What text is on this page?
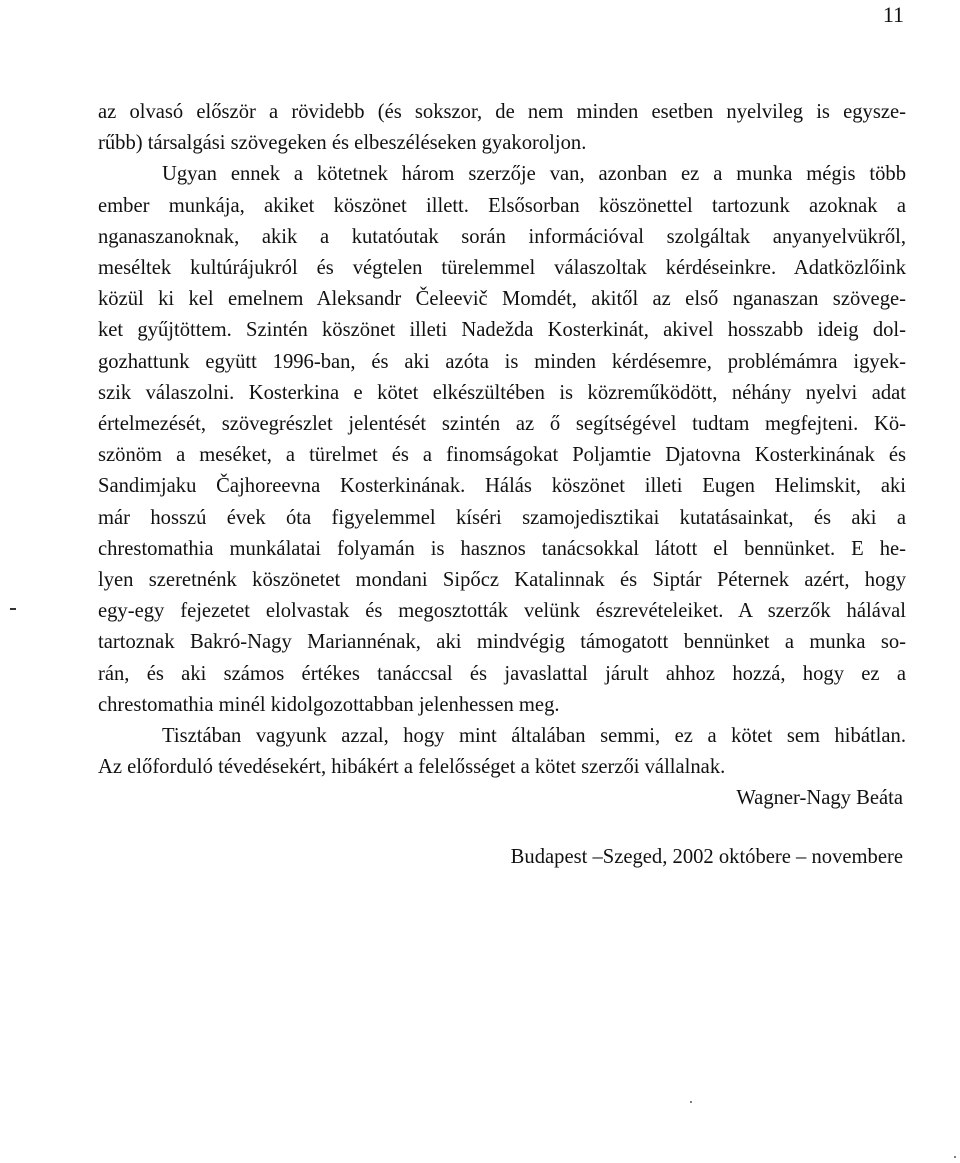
11
az olvasó először a rövidebb (és sokszor, de nem minden esetben nyelvileg is egysze-
rűbb) társalgási szövegeken és elbeszéléseken gyakoroljon.
Ugyan ennek a kötetnek három szerzője van, azonban ez a munka mégis több
ember munkája, akiket köszönet illett. Elsősorban köszönettel tartozunk azoknak a
nganaszanoknak, akik a kutatóutak során információval szolgáltak anyanyelvükről,
meséltek kultúrájukról és végtelen türelemmel válaszoltak kérdéseinkre. Adatközlőink
közül ki kel emelnem Aleksandr Čeleevič Momdét, akitől az első nganaszan szövege-
ket gyűjtöttem. Szintén köszönet illeti Nadežda Kosterkinát, akivel hosszabb ideig dol-
gozhattunk együtt 1996-ban, és aki azóta is minden kérdésemre, problémámra igyek-
szik válaszolni. Kosterkina e kötet elkészültében is közreműködött, néhány nyelvi adat
értelmezését, szövegrészlet jelentését szintén az ő segítségével tudtam megfejteni. Kö-
szönöm a meséket, a türelmet és a finomságokat Poljamtie Djatovna Kosterkinának és
Sandimjaku Čajhoreevna Kosterkinának. Hálás köszönet illeti Eugen Helimskit, aki
már hosszú évek óta figyelemmel kíséri szamojedisztikai kutatásainkat, és aki a
chrestomathia munkálatai folyamán is hasznos tanácsokkal látott el bennünket. E he-
lyen szeretnénk köszönetet mondani Sipőcz Katalinnak és Siptár Péternek azért, hogy
egy-egy fejezetet elolvastak és megosztották velünk észrevételeiket. A szerzők hálával
tartoznak Bakró-Nagy Mariannénak, aki mindvégig támogatott bennünket a munka so-
rán, és aki számos értékes tanáccsal és javaslattal járult ahhoz hozzá, hogy ez a
chrestomathia minél kidolgozottabban jelenhessen meg.
Tisztában vagyunk azzal, hogy mint általában semmi, ez a kötet sem hibátlan.
Az előforduló tévedésekért, hibákért a felelősséget a kötet szerzői vállalnak.
Wagner-Nagy Beáta
Budapest –Szeged, 2002 októbere – novembere
